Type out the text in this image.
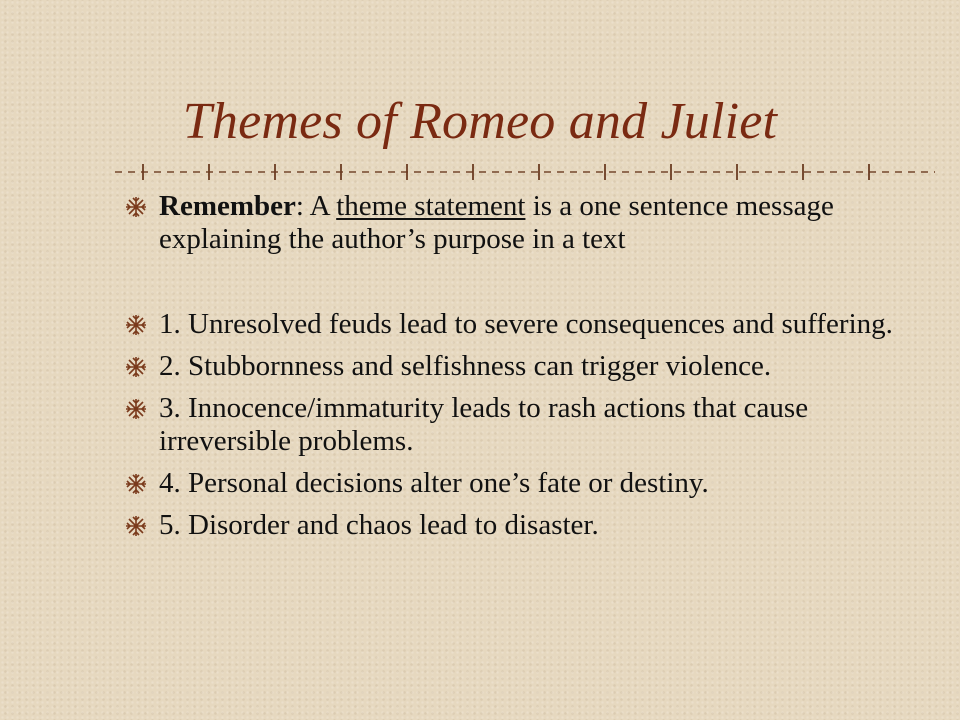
Themes of Romeo and Juliet
Remember: A theme statement is a one sentence message explaining the author’s purpose in a text
1. Unresolved feuds lead to severe consequences and suffering.
2. Stubbornness and selfishness can trigger violence.
3. Innocence/immaturity leads to rash actions that cause irreversible problems.
4. Personal decisions alter one’s fate or destiny.
5. Disorder and chaos lead to disaster.
